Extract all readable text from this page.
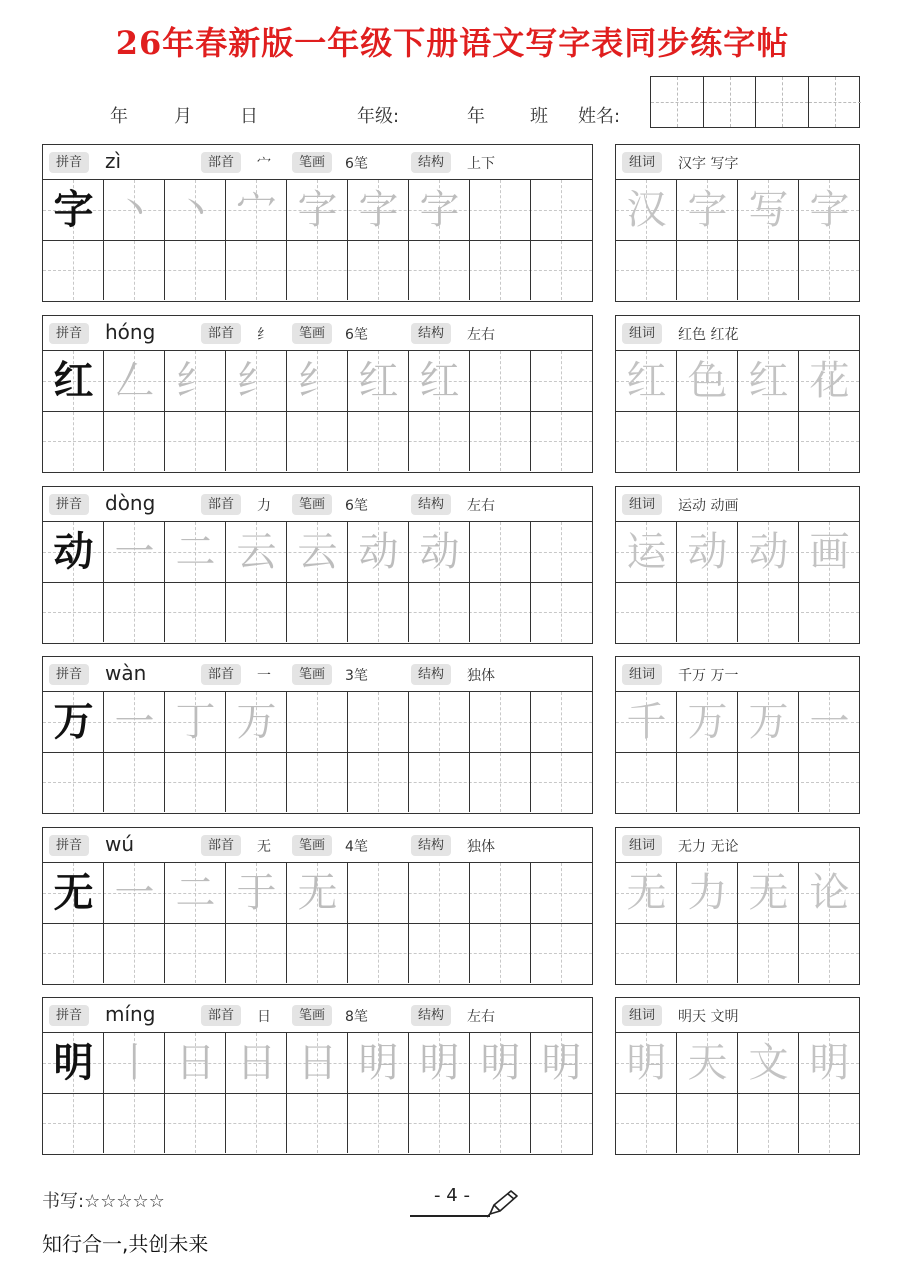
26年春新版一年级下册语文写字表同步练字帖
年	月	日	年级:	年	班 姓名:
拼音	zì	部首	宀	笔画	6笔	结构	上下
字 丶 丶 宀 字 字 字
组词	汉字 写字
汉 字 写 字
拼音	hóng	部首	纟	笔画	6笔	结构	左右
红 𠃋 纟 纟 纟 红 红
组词	红色 红花
红 色 红 花
拼音	dòng	部首	力	笔画	6笔	结构	左右
动 一 二 云 云 动 动
组词	运动 动画
运 动 动 画
拼音	wàn	部首	一	笔画	3笔	结构	独体
万 一 丁 万
组词	千万 万一
千 万 万 一
拼音	wú	部首	无	笔画	4笔	结构	独体
无 一 二 于 无
组词	无力 无论
无 力 无 论
拼音	míng	部首	日	笔画	8笔	结构	左右
明 丨 日 日 日 明 明 明 明
组词	明天 文明
明 天 文 明
书写:☆☆☆☆☆	- 4 -
知行合一,共创未来
